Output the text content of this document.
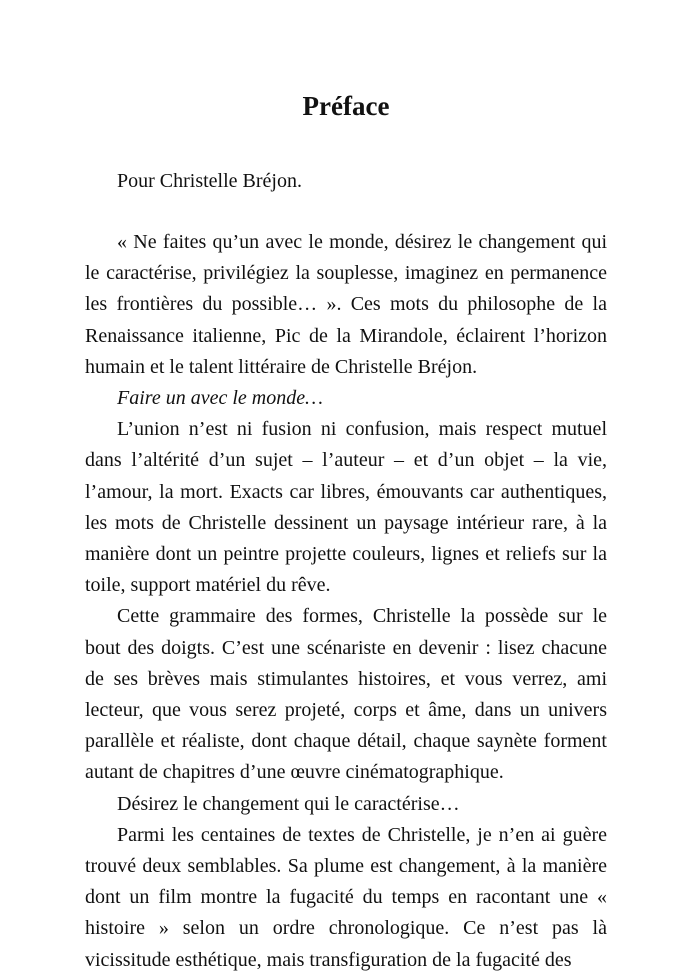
Préface

Pour Christelle Bréjon.

« Ne faites qu’un avec le monde, désirez le changement qui le caractérise, privilégiez la souplesse, imaginez en permanence les frontières du possible… ». Ces mots du philosophe de la Renaissance italienne, Pic de la Mirandole, éclairent l’horizon humain et le talent littéraire de Christelle Bréjon.

Faire un avec le monde…

L’union n’est ni fusion ni confusion, mais respect mutuel dans l’altérité d’un sujet – l’auteur – et d’un objet – la vie, l’amour, la mort. Exacts car libres, émouvants car authentiques, les mots de Christelle dessinent un paysage intérieur rare, à la manière dont un peintre projette couleurs, lignes et reliefs sur la toile, support matériel du rêve.

Cette grammaire des formes, Christelle la possède sur le bout des doigts. C’est une scénariste en devenir : lisez chacune de ses brèves mais stimulantes histoires, et vous verrez, ami lecteur, que vous serez projeté, corps et âme, dans un univers parallèle et réaliste, dont chaque détail, chaque saynète forment autant de chapitres d’une œuvre cinématographique.

Désirez le changement qui le caractérise…

Parmi les centaines de textes de Christelle, je n’en ai guère trouvé deux semblables. Sa plume est changement, à la manière dont un film montre la fugacité du temps en racontant une « histoire » selon un ordre chronologique. Ce n’est pas là vicissitude esthétique, mais transfiguration de la fugacité des
